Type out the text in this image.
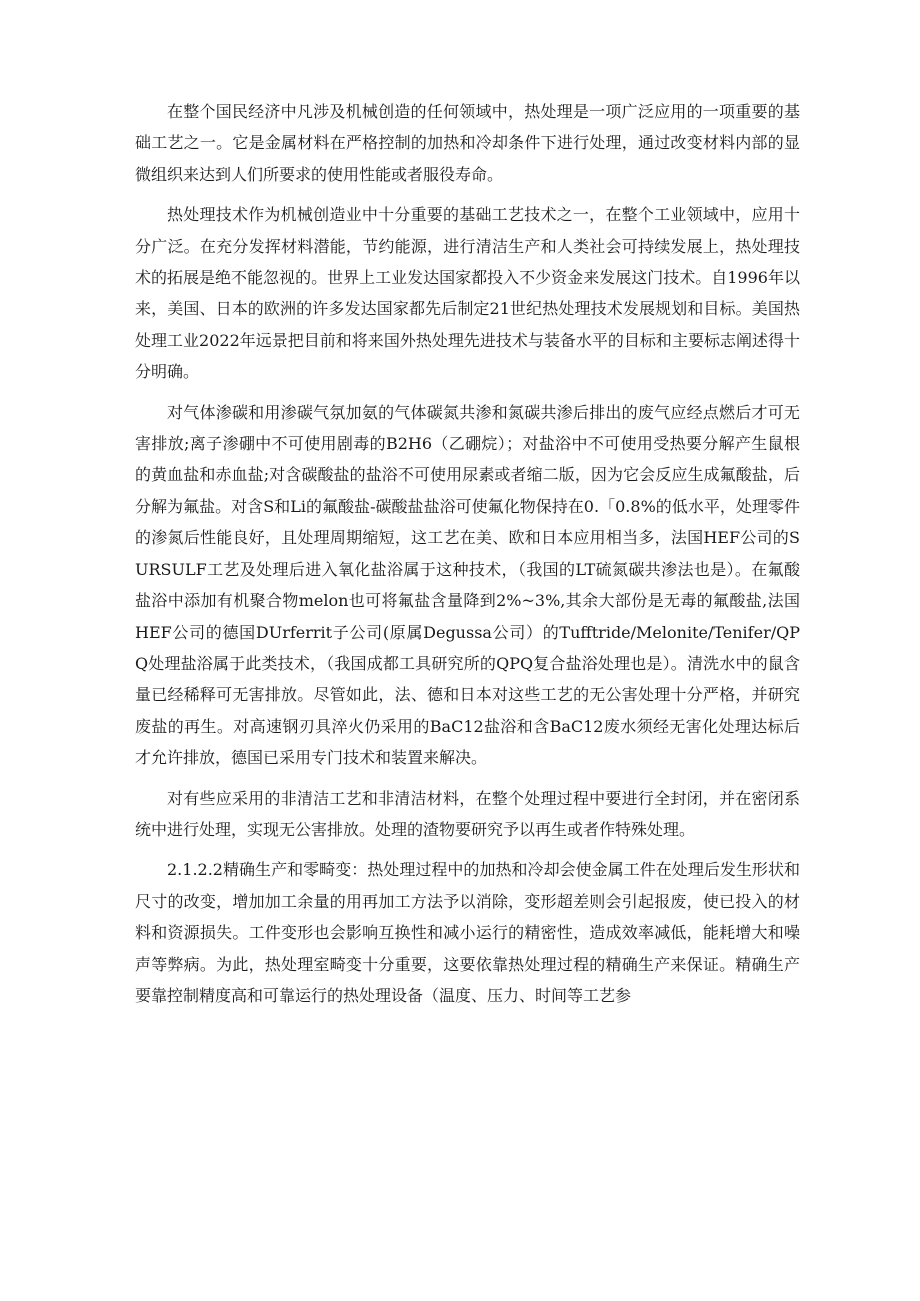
在整个国民经济中凡涉及机械创造的任何领域中，热处理是一项广泛应用的一项重要的基础工艺之一。它是金属材料在严格控制的加热和冷却条件下进行处理，通过改变材料内部的显微组织来达到人们所要求的使用性能或者服役寿命。

热处理技术作为机械创造业中十分重要的基础工艺技术之一，在整个工业领域中，应用十分广泛。在充分发挥材料潜能，节约能源，进行清洁生产和人类社会可持续发展上，热处理技术的拓展是绝不能忽视的。世界上工业发达国家都投入不少资金来发展这门技术。自1996年以来，美国、日本的欧洲的许多发达国家都先后制定21世纪热处理技术发展规划和目标。美国热处理工业2022年远景把目前和将来国外热处理先进技术与装备水平的目标和主要标志阐述得十分明确。

对气体渗碳和用渗碳气氛加氨的气体碳氮共渗和氮碳共渗后排出的废气应经点燃后才可无害排放;离子渗硼中不可使用剧毒的B2H6（乙硼烷）；对盐浴中不可使用受热要分解产生鼠根的黄血盐和赤血盐;对含碳酸盐的盐浴不可使用尿素或者缩二版，因为它会反应生成氟酸盐，后分解为氟盐。对含S和Li的氟酸盐-碳酸盐盐浴可使氟化物保持在0.「0.8%的低水平，处理零件的渗氮后性能良好，且处理周期缩短，这工艺在美、欧和日本应用相当多，法国HEF公司的SURSULF工艺及处理后进入氧化盐浴属于这种技术，（我国的LT硫氮碳共渗法也是）。在氟酸盐浴中添加有机聚合物melon也可将氟盐含量降到2%~3%,其余大部份是无毒的氟酸盐,法国HEF公司的德国DUrferrit子公司(原属Degussa公司）的Tufftride/Melonite/Tenifer/QPQ处理盐浴属于此类技术，（我国成都工具研究所的QPQ复合盐浴处理也是）。清洗水中的鼠含量已经稀释可无害排放。尽管如此，法、德和日本对这些工艺的无公害处理十分严格，并研究废盐的再生。对高速钢刃具淬火仍采用的BaC12盐浴和含BaC12废水须经无害化处理达标后才允许排放，德国已采用专门技术和装置来解决。

对有些应采用的非清洁工艺和非清洁材料，在整个处理过程中要进行全封闭，并在密闭系统中进行处理，实现无公害排放。处理的渣物要研究予以再生或者作特殊处理。

2.1.2.2精确生产和零畸变：热处理过程中的加热和冷却会使金属工件在处理后发生形状和尺寸的改变，增加加工余量的用再加工方法予以消除，变形超差则会引起报废，使已投入的材料和资源损失。工件变形也会影响互换性和减小运行的精密性，造成效率减低，能耗增大和噪声等弊病。为此，热处理室畸变十分重要，这要依靠热处理过程的精确生产来保证。精确生产要靠控制精度高和可靠运行的热处理设备（温度、压力、时间等工艺参
